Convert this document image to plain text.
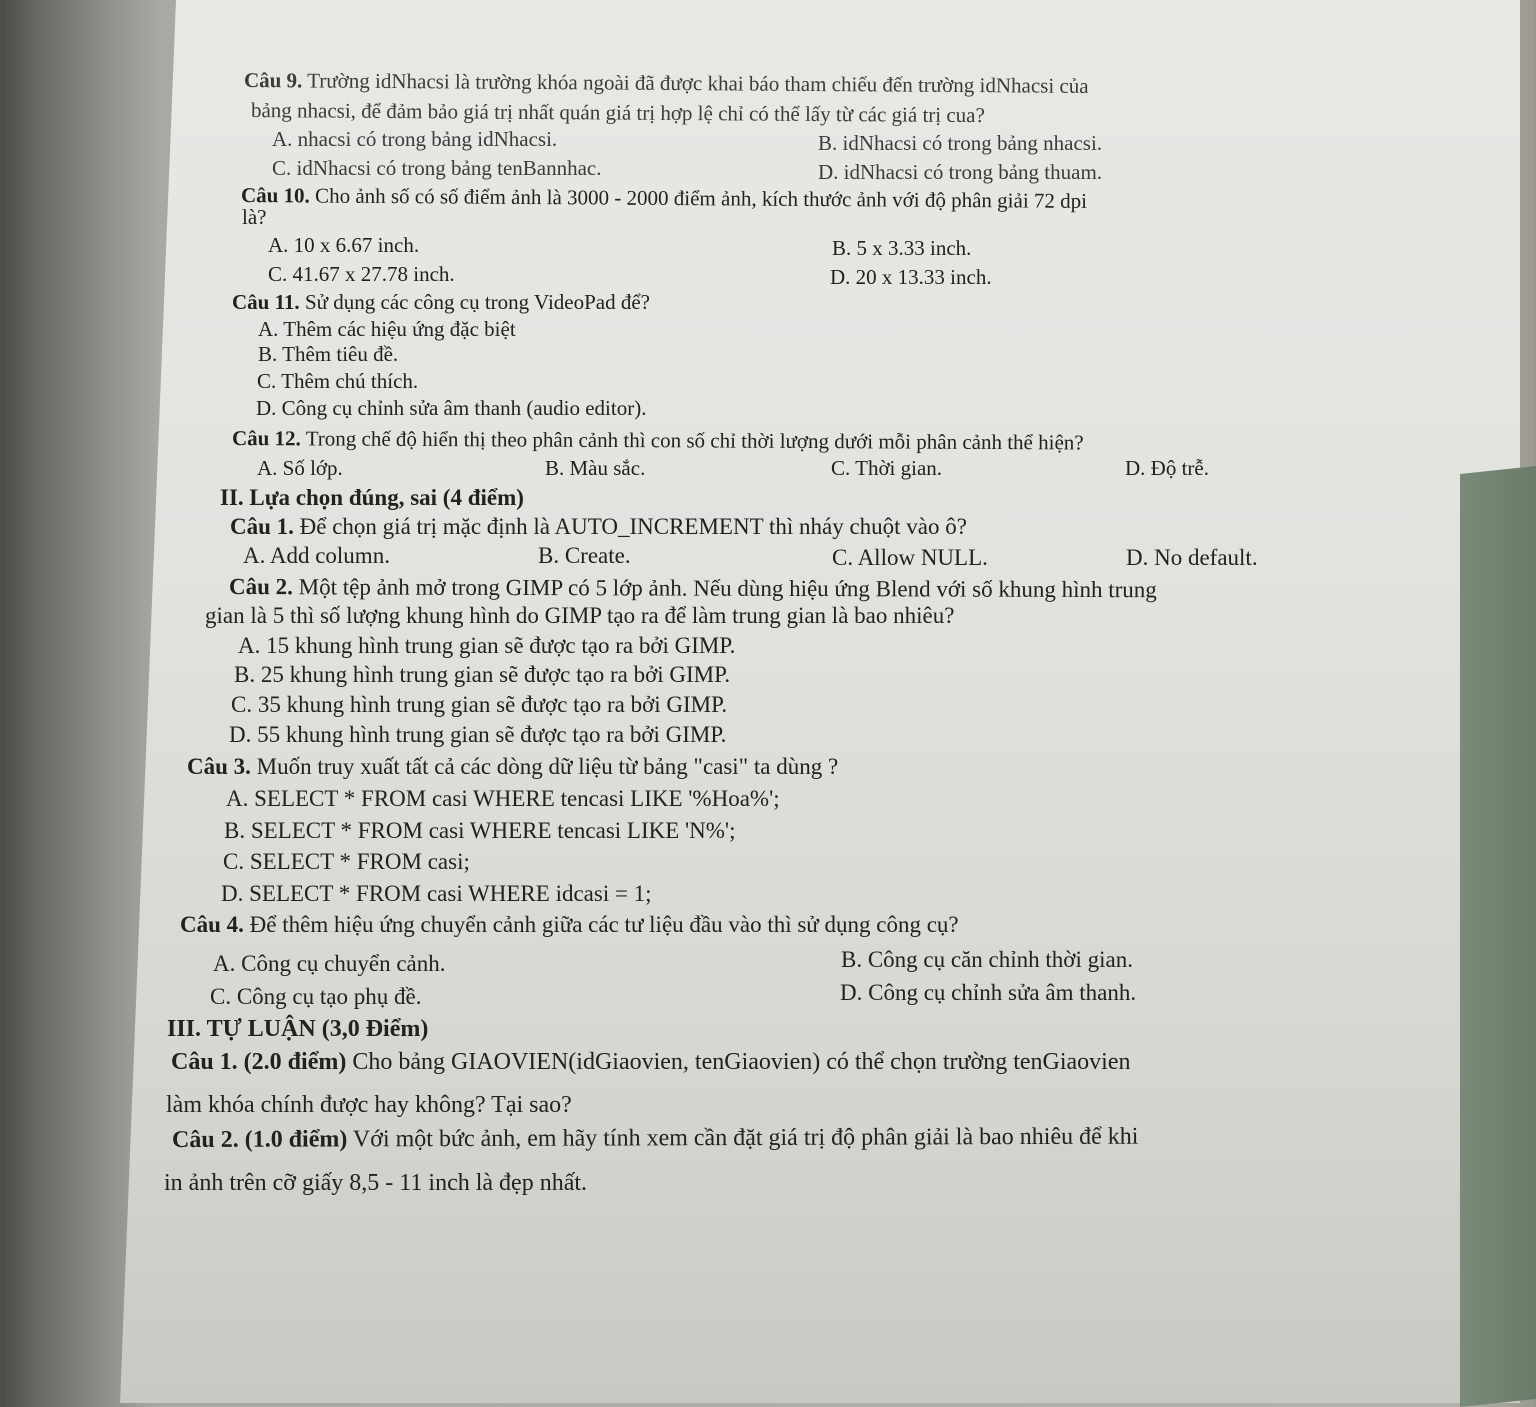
Câu 9. Trường idNhacsi là trường khóa ngoài đã được khai báo tham chiếu đến trường idNhacsi của
bảng nhacsi, để đảm bảo giá trị nhất quán giá trị hợp lệ chỉ có thể lấy từ các giá trị cua?
A. nhacsi có trong bảng idNhacsi.	B. idNhacsi có trong bảng nhacsi.
C. idNhacsi có trong bảng tenBannhac.	D. idNhacsi có trong bảng thuam.
Câu 10. Cho ảnh số có số điểm ảnh là 3000 - 2000 điểm ảnh, kích thước ảnh với độ phân giải 72 dpi
là?
A. 10 x 6.67 inch.	B. 5 x 3.33 inch.
C. 41.67 x 27.78 inch.	D. 20 x 13.33 inch.
Câu 11. Sử dụng các công cụ trong VideoPad để?
A. Thêm các hiệu ứng đặc biệt
B. Thêm tiêu đề.
C. Thêm chú thích.
D. Công cụ chỉnh sửa âm thanh (audio editor).
Câu 12. Trong chế độ hiển thị theo phân cảnh thì con số chỉ thời lượng dưới mỗi phân cảnh thể hiện?
A. Số lớp.	B. Màu sắc.	C. Thời gian.	D. Độ trễ.
II. Lựa chọn đúng, sai (4 điểm)
Câu 1. Để chọn giá trị mặc định là AUTO_INCREMENT thì nháy chuột vào ô?
A. Add column.	B. Create.	C. Allow NULL.	D. No default.
Câu 2. Một tệp ảnh mở trong GIMP có 5 lớp ảnh. Nếu dùng hiệu ứng Blend với số khung hình trung
gian là 5 thì số lượng khung hình do GIMP tạo ra để làm trung gian là bao nhiêu?
A. 15 khung hình trung gian sẽ được tạo ra bởi GIMP.
B. 25 khung hình trung gian sẽ được tạo ra bởi GIMP.
C. 35 khung hình trung gian sẽ được tạo ra bởi GIMP.
D. 55 khung hình trung gian sẽ được tạo ra bởi GIMP.
Câu 3. Muốn truy xuất tất cả các dòng dữ liệu từ bảng "casi" ta dùng ?
A. SELECT * FROM casi WHERE tencasi LIKE '%Hoa%';
B. SELECT * FROM casi WHERE tencasi LIKE 'N%';
C. SELECT * FROM casi;
D. SELECT * FROM casi WHERE idcasi = 1;
Câu 4. Để thêm hiệu ứng chuyển cảnh giữa các tư liệu đầu vào thì sử dụng công cụ?
A. Công cụ chuyển cảnh.	B. Công cụ căn chỉnh thời gian.
C. Công cụ tạo phụ đề.	D. Công cụ chỉnh sửa âm thanh.
III. TỰ LUẬN (3,0 Điểm)
Câu 1. (2.0 điểm) Cho bảng GIAOVIEN(idGiaovien, tenGiaovien) có thể chọn trường tenGiaovien
làm khóa chính được hay không? Tại sao?
Câu 2. (1.0 điểm) Với một bức ảnh, em hãy tính xem cần đặt giá trị độ phân giải là bao nhiêu để khi
in ảnh trên cỡ giấy 8,5 - 11 inch là đẹp nhất.
